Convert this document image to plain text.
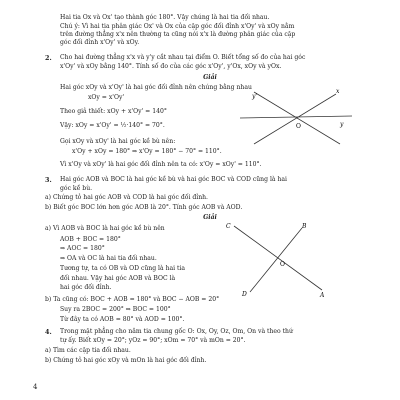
Hai tia Ox và Ox' tạo thành góc 180°. Vậy chúng là hai tia đối nhau.
Chú ý: Vì hai tia phân giác Ox' và Ox của cặp góc đối đỉnh x'Oy' và xOy nằm
trên đường thẳng x'x nên thường ta cũng nói x'x là đường phân giác của cặp
góc đối đỉnh x'Oy' và xOy.
2. Cho hai đường thẳng x'x và y'y cắt nhau tại điểm O. Biết tổng số đo của hai góc
x'Oy' và xOy bằng 140°. Tính số đo của các góc x'Oy', y'Ox, xOy và yOx.
Giải
Hai góc xOy và x'Oy' là hai góc đối đỉnh nên chúng bằng nhau
xOy = x'Oy'
Theo giả thiết: xOy + x'Oy' = 140°
Vậy: xOy = x'Oy' = ½·140° = 70°.
Gọi xOy và xOy' là hai góc kề bù nên:
x'Oy + xOy = 180° ⇒ x'Oy = 180° − 70° = 110°.
Vì x'Oy và xOy' là hai góc đối đỉnh nên ta có: x'Oy = xOy' = 110°.
y'
x
y
O
3. Hai góc AOB và BOC là hai góc kề bù và hai góc BOC và COD cũng là hai
góc kề bù.
a) Chứng tỏ hai góc AOB và COD là hai góc đối đỉnh.
b) Biết góc BOC lớn hơn góc AOB là 20°. Tính góc AOB và AOD.
Giải
a) Vì AOB và BOC là hai góc kề bù nên
AOB + BOC = 180°
⇒ AOC = 180°
⇒ OA và OC là hai tia đối nhau.
Tương tự, ta có OB và OD cũng là hai tia
đối nhau. Vậy hai góc AOB và BOC là
hai góc đối đỉnh.
C	B
D	A
O
b) Ta cũng có: BOC + AOB = 180° và BOC − AOB = 20°
Suy ra 2BOC = 200° ⇒ BOC = 100°
Từ đây ta có AOB = 80° và AOD = 100°.
4. Trong mặt phẳng cho năm tia chung gốc O: Ox, Oy, Oz, Om, On và theo thứ
tự ấy. Biết xOy = 20°; yOz = 90°; xOm = 70° và mOn = 20°.
a) Tìm các cặp tia đối nhau.
b) Chứng tỏ hai góc xOy và mOn là hai góc đối đỉnh.
4
